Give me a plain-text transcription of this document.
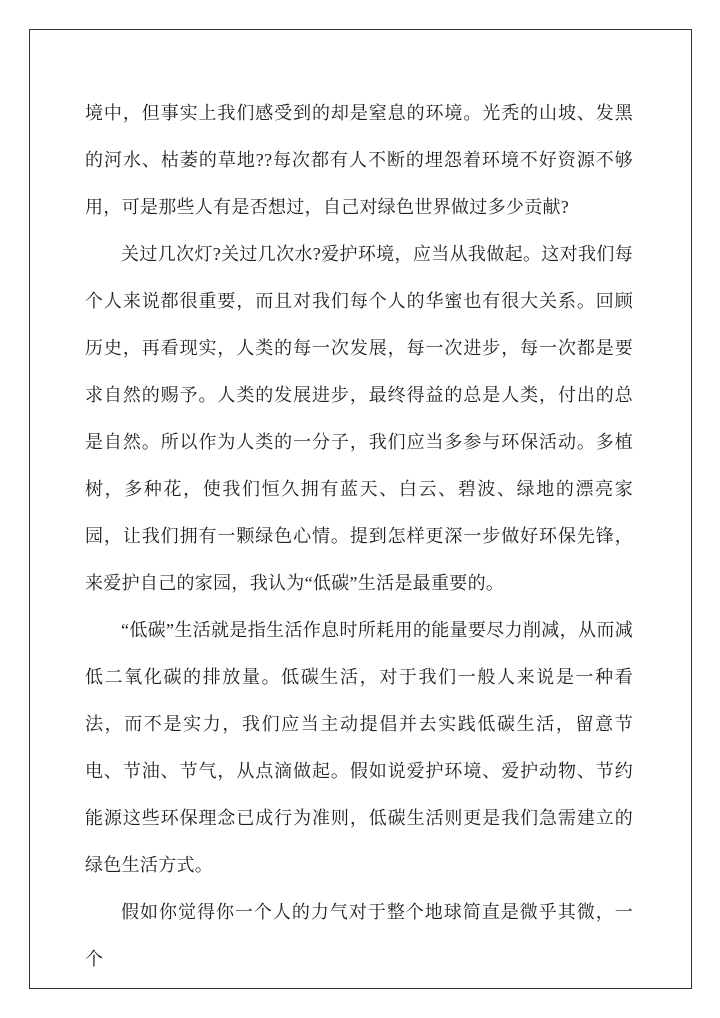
境中，但事实上我们感受到的却是窒息的环境。光秃的山坡、发黑的河水、枯萎的草地??每次都有人不断的埋怨着环境不好资源不够用，可是那些人有是否想过，自己对绿色世界做过多少贡献?

关过几次灯?关过几次水?爱护环境，应当从我做起。这对我们每个人来说都很重要，而且对我们每个人的华蜜也有很大关系。回顾历史，再看现实，人类的每一次发展，每一次进步，每一次都是要求自然的赐予。人类的发展进步，最终得益的总是人类，付出的总是自然。所以作为人类的一分子，我们应当多参与环保活动。多植树，多种花，使我们恒久拥有蓝天、白云、碧波、绿地的漂亮家园，让我们拥有一颗绿色心情。提到怎样更深一步做好环保先锋，来爱护自己的家园，我认为“低碳”生活是最重要的。

“低碳”生活就是指生活作息时所耗用的能量要尽力削减，从而减低二氧化碳的排放量。低碳生活，对于我们一般人来说是一种看法，而不是实力，我们应当主动提倡并去实践低碳生活，留意节电、节油、节气，从点滴做起。假如说爱护环境、爱护动物、节约能源这些环保理念已成行为准则，低碳生活则更是我们急需建立的绿色生活方式。

假如你觉得你一个人的力气对于整个地球简直是微乎其微，一个
